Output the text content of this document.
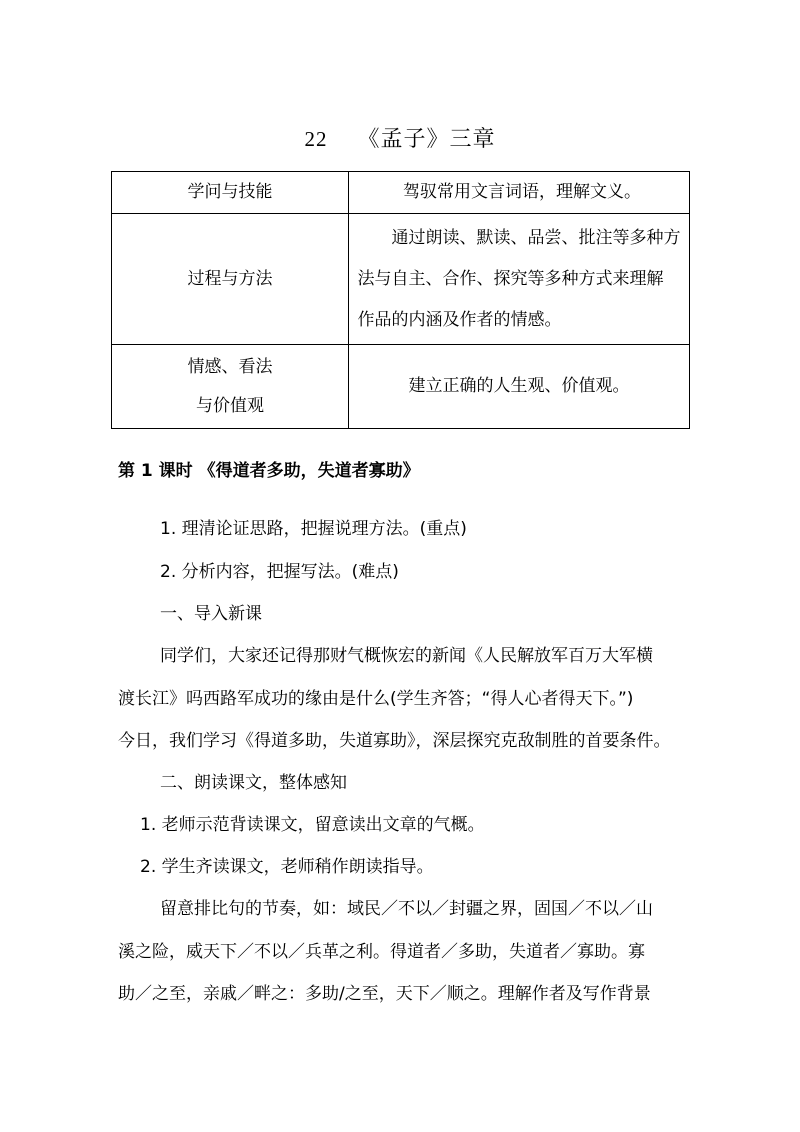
22 《孟子》三章
学问与技能	驾驭常用文言词语，理解文义。

过程与方法	通过朗读、默读、品尝、批注等多种方
法与自主、合作、探究等多种方式来理解
作品的内涵及作者的情感。

情感、看法
与价值观	建立正确的人生观、价值观。
第 1 课时 《得道者多助，失道者寡助》
1. 理清论证思路，把握说理方法。(重点)
2. 分析内容，把握写法。(难点)
一、导入新课
同学们，大家还记得那财气概恢宏的新闻《人民解放军百万大军横
渡长江》吗西路军成功的缘由是什么(学生齐答；“得人心者得天下。”)
今日，我们学习《得道多助，失道寡助》，深层探究克敌制胜的首要条件。
二、朗读课文，整体感知
1. 老师示范背读课文，留意读出文章的气概。
2. 学生齐读课文，老师稍作朗读指导。
留意排比句的节奏，如：域民／不以／封疆之界，固国／不以／山
溪之险，威天下／不以／兵革之利。得道者／多助，失道者／寡助。寡
助／之至，亲戚／畔之：多助/之至，天下／顺之。理解作者及写作背景
